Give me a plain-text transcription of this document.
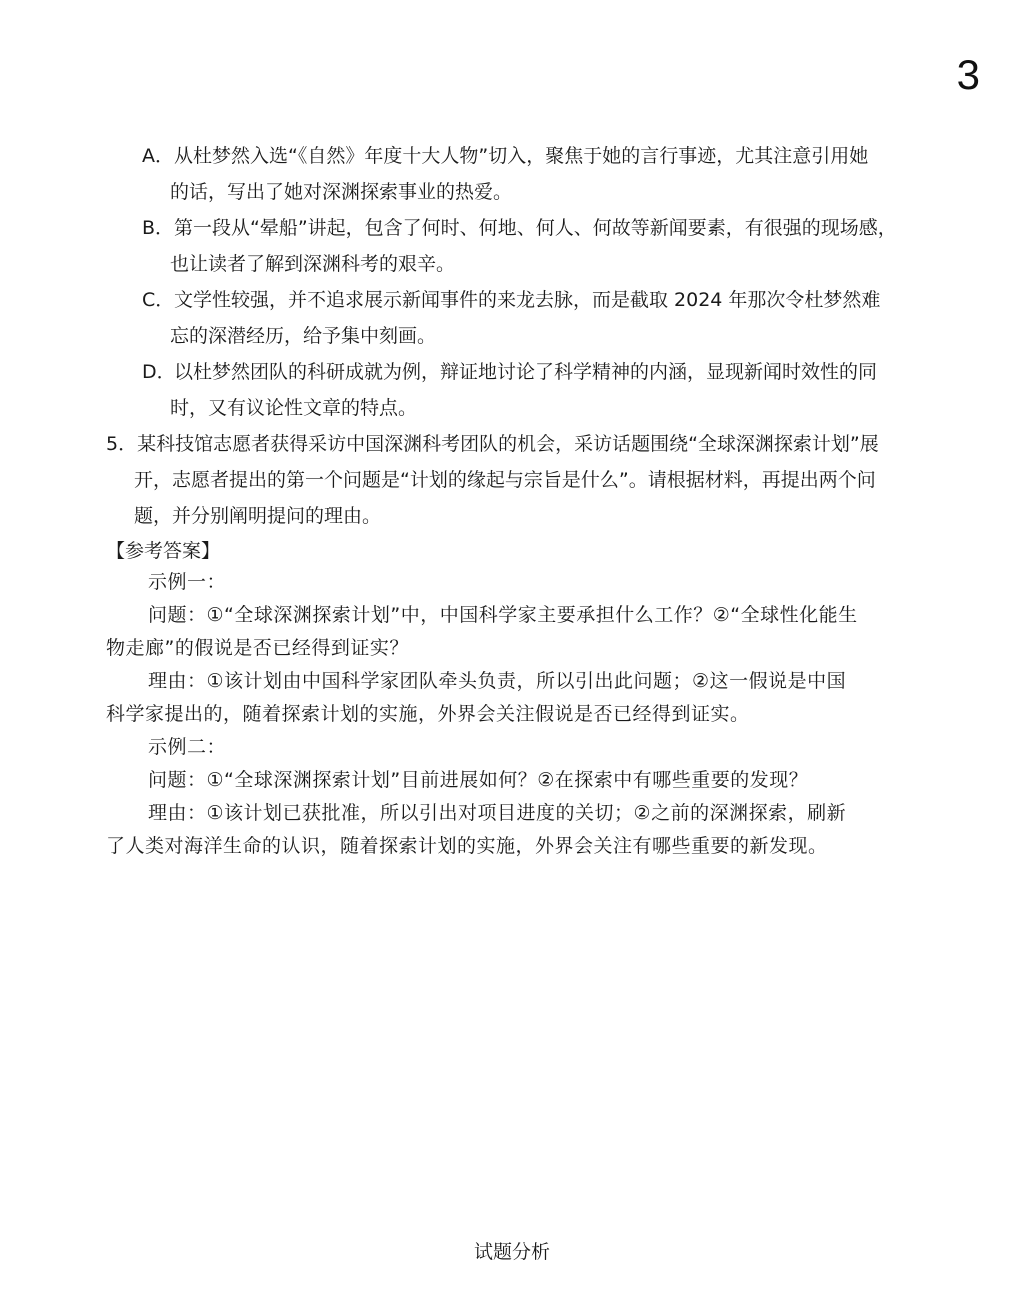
3
A． 从杜梦然入选“《自然》年度十大人物”切入，聚焦于她的言行事迹，尤其注意引用她
的话，写出了她对深渊探索事业的热爱。
B． 第一段从“晕船”讲起，包含了何时、何地、何人、何故等新闻要素，有很强的现场感，
也让读者了解到深渊科考的艰辛。
C． 文学性较强，并不追求展示新闻事件的来龙去脉，而是截取 2024 年那次令杜梦然难
忘的深潜经历，给予集中刻画。
D．
以杜梦然团队的科研成就为例，辩证地讨论了科学精神的内涵，显现新闻时效性的同
时，又有议论性文章的特点。
5．某科技馆志愿者获得采访中国深渊科考团队的机会，采访话题围绕“全球深渊探索计划”展
开，志愿者提出的第一个问题是“计划的缘起与宗旨是什么”。请根据材料，再提出两个问
题，并分别阐明提问的理由。
【参考答案】
示例一：
问题：①“全球深渊探索计划”中，中国科学家主要承担什么工作？②“全球性化能生
物走廊”的假说是否已经得到证实？
理由：①该计划由中国科学家团队牵头负责，所以引出此问题；②这一假说是中国
科学家提出的，随着探索计划的实施，外界会关注假说是否已经得到证实。
示例二：
问题：①“全球深渊探索计划”目前进展如何？②在探索中有哪些重要的发现？
理由：①该计划已获批准，所以引出对项目进度的关切；②之前的深渊探索，刷新
了人类对海洋生命的认识，随着探索计划的实施，外界会关注有哪些重要的新发现。
试题分析
